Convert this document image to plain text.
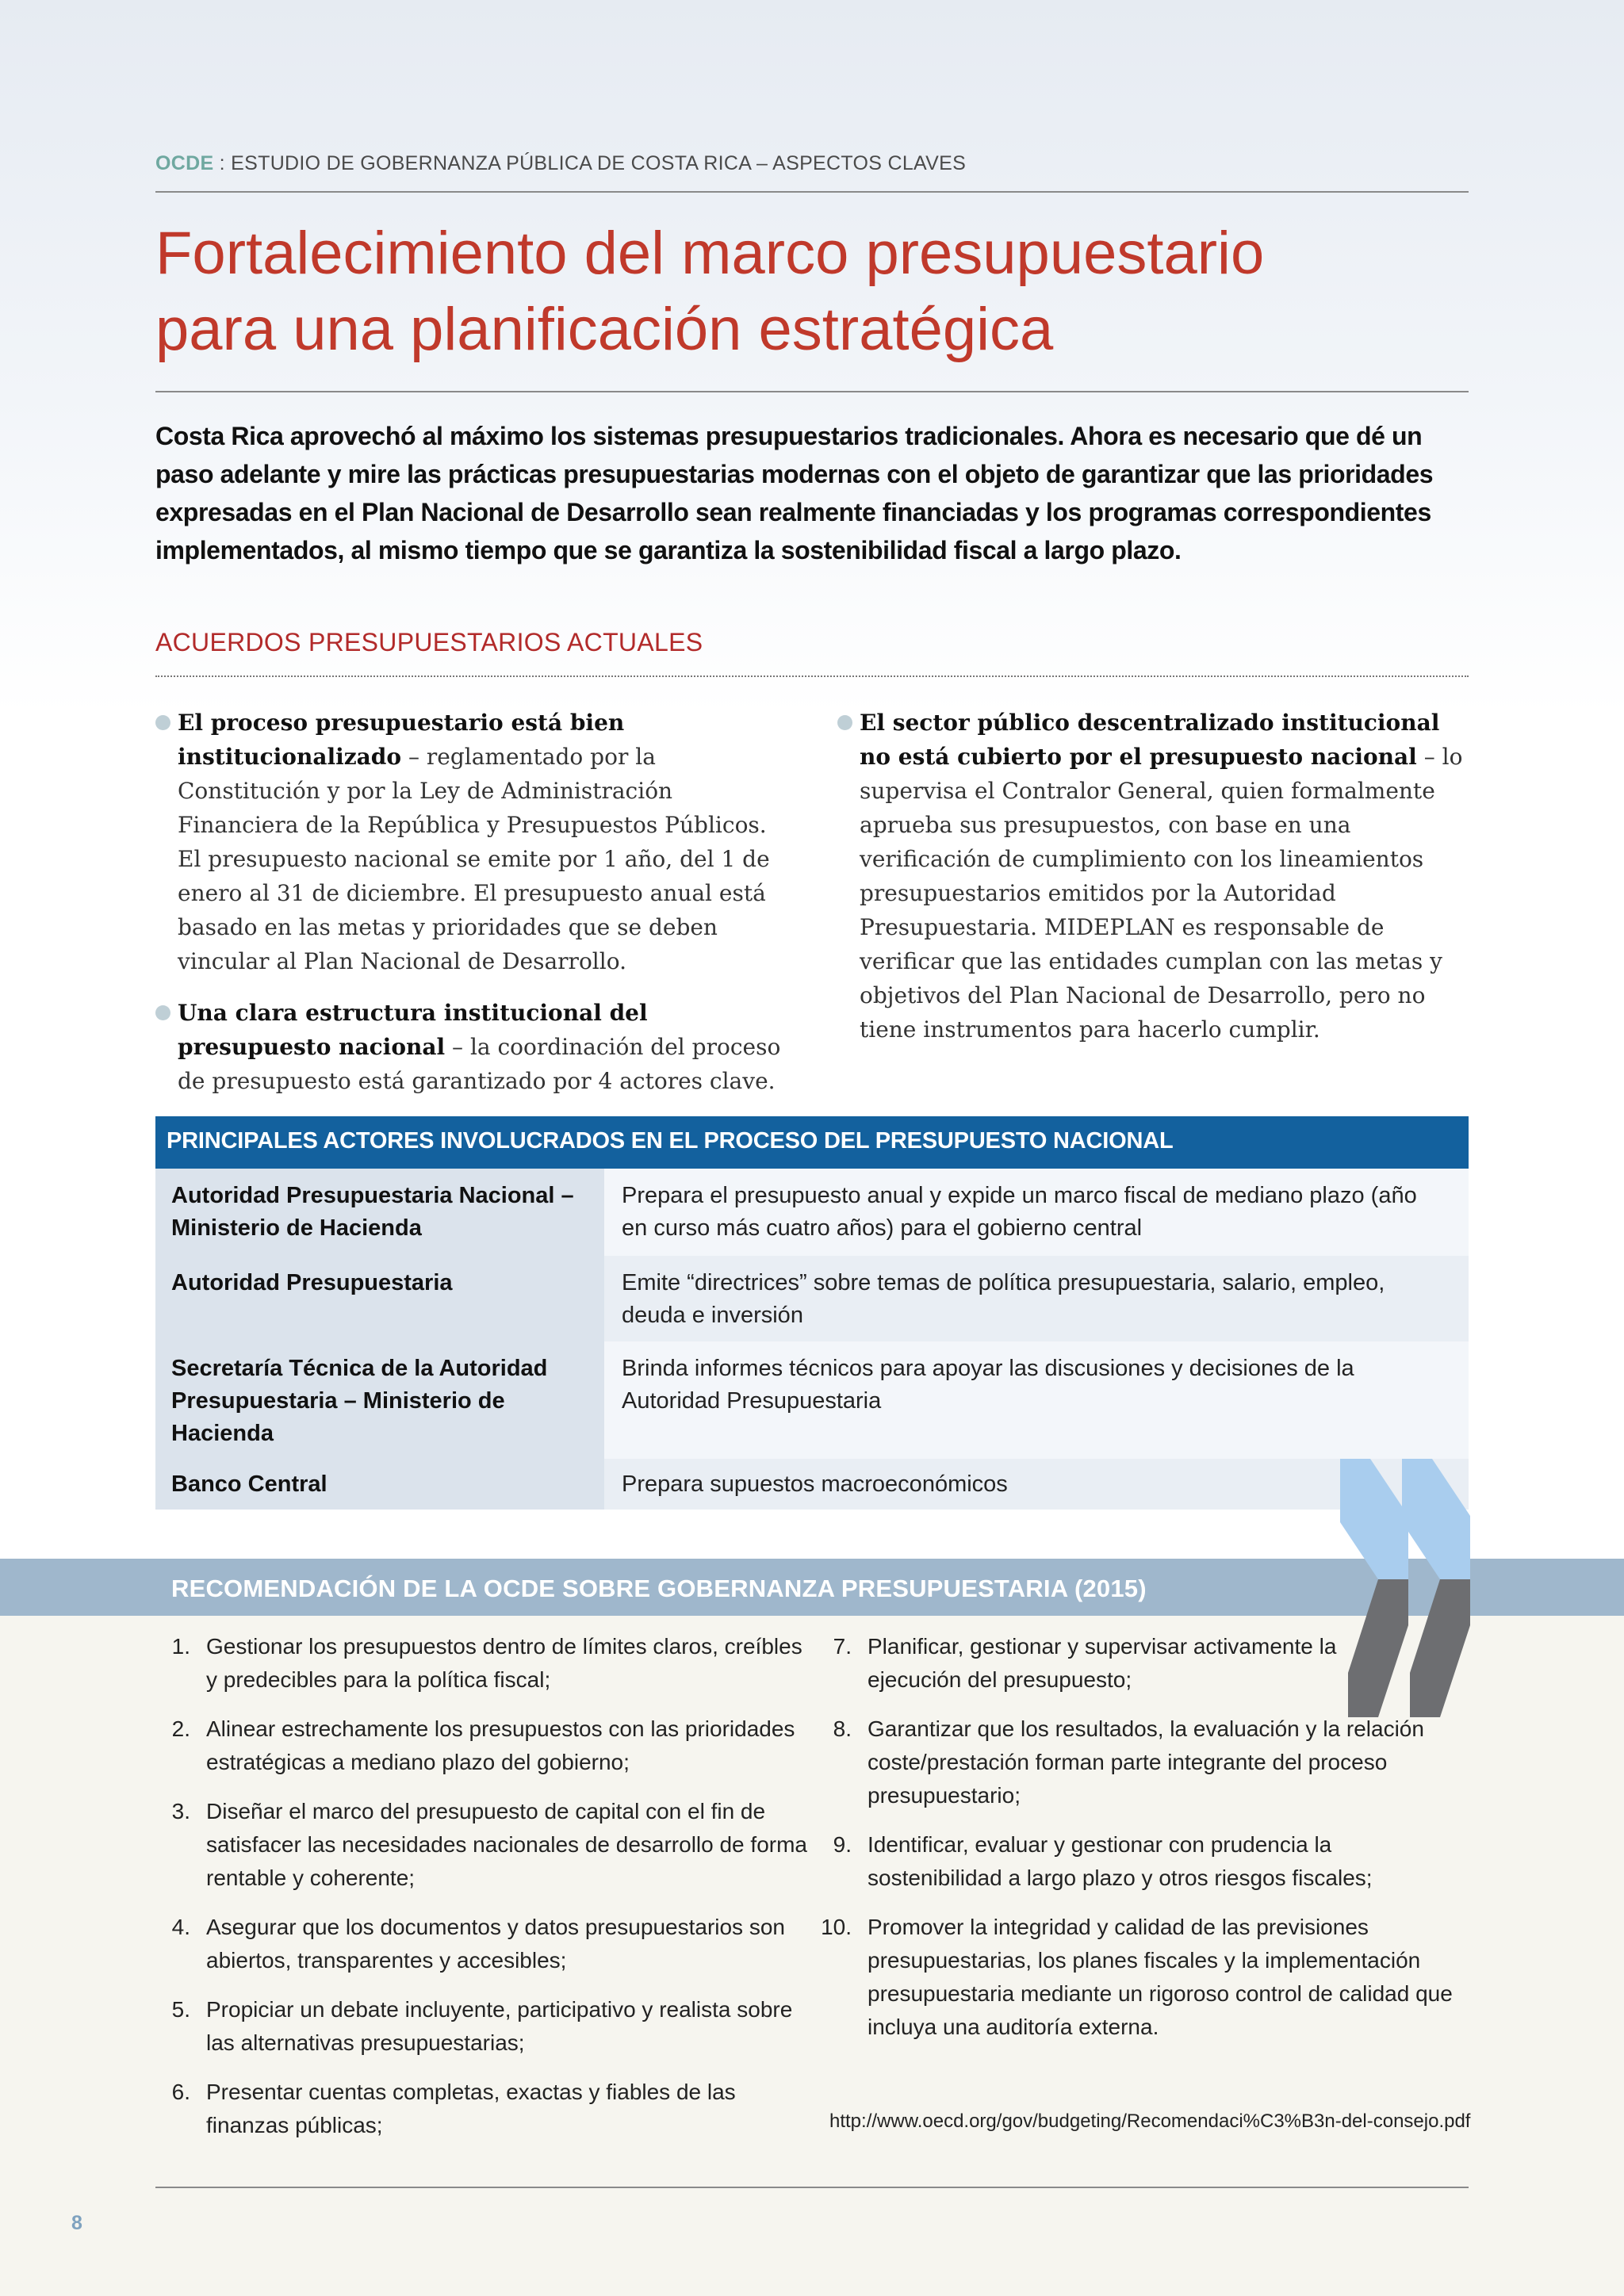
OCDE : ESTUDIO DE GOBERNANZA PÚBLICA DE COSTA RICA – ASPECTOS CLAVES
Fortalecimiento del marco presupuestario
para una planificación estratégica
Costa Rica aprovechó al máximo los sistemas presupuestarios tradicionales. Ahora es necesario que dé un paso adelante y mire las prácticas presupuestarias modernas con el objeto de garantizar que las prioridades expresadas en el Plan Nacional de Desarrollo sean realmente financiadas y los programas correspondientes implementados, al mismo tiempo que se garantiza la sostenibilidad fiscal a largo plazo.
ACUERDOS PRESUPUESTARIOS ACTUALES

El proceso presupuestario está bien institucionalizado – reglamentado por la Constitución y por la Ley de Administración Financiera de la República y Presupuestos Públicos. El presupuesto nacional se emite por 1 año, del 1 de enero al 31 de diciembre. El presupuesto anual está basado en las metas y prioridades que se deben vincular al Plan Nacional de Desarrollo.

Una clara estructura institucional del presupuesto nacional – la coordinación del proceso de presupuesto está garantizado por 4 actores clave.

El sector público descentralizado institucional no está cubierto por el presupuesto nacional – lo supervisa el Contralor General, quien formalmente aprueba sus presupuestos, con base en una verificación de cumplimiento con los lineamientos presupuestarios emitidos por la Autoridad Presupuestaria. MIDEPLAN es responsable de verificar que las entidades cumplan con las metas y objetivos del Plan Nacional de Desarrollo, pero no tiene instrumentos para hacerlo cumplir.

PRINCIPALES ACTORES INVOLUCRADOS EN EL PROCESO DEL PRESUPUESTO NACIONAL
Autoridad Presupuestaria Nacional – Ministerio de Hacienda
Prepara el presupuesto anual y expide un marco fiscal de mediano plazo (año en curso más cuatro años) para el gobierno central
Autoridad Presupuestaria	Emite “directrices” sobre temas de política presupuestaria, salario, empleo, deuda e inversión
Secretaría Técnica de la Autoridad Presupuestaria – Ministerio de Hacienda
Brinda informes técnicos para apoyar las discusiones y decisiones de la Autoridad Presupuestaria
Banco Central	Prepara supuestos macroeconómicos
RECOMENDACIÓN DE LA OCDE SOBRE GOBERNANZA PRESUPUESTARIA (2015)
1. Gestionar los presupuestos dentro de límites claros, creíbles y predecibles para la política fiscal;
2. Alinear estrechamente los presupuestos con las prioridades estratégicas a mediano plazo del gobierno;
3. Diseñar el marco del presupuesto de capital con el fin de satisfacer las necesidades nacionales de desarrollo de forma rentable y coherente;
4. Asegurar que los documentos y datos presupuestarios son abiertos, transparentes y accesibles;
5. Propiciar un debate incluyente, participativo y realista sobre las alternativas presupuestarias;
6. Presentar cuentas completas, exactas y fiables de las finanzas públicas;
7. Planificar, gestionar y supervisar activamente la ejecución del presupuesto;
8. Garantizar que los resultados, la evaluación y la relación coste/prestación forman parte integrante del proceso presupuestario;
9. Identificar, evaluar y gestionar con prudencia la sostenibilidad a largo plazo y otros riesgos fiscales;
10. Promover la integridad y calidad de las previsiones presupuestarias, los planes fiscales y la implementación presupuestaria mediante un rigoroso control de calidad que incluya una auditoría externa.
http://www.oecd.org/gov/budgeting/Recomendaci%C3%B3n-del-consejo.pdf
8
